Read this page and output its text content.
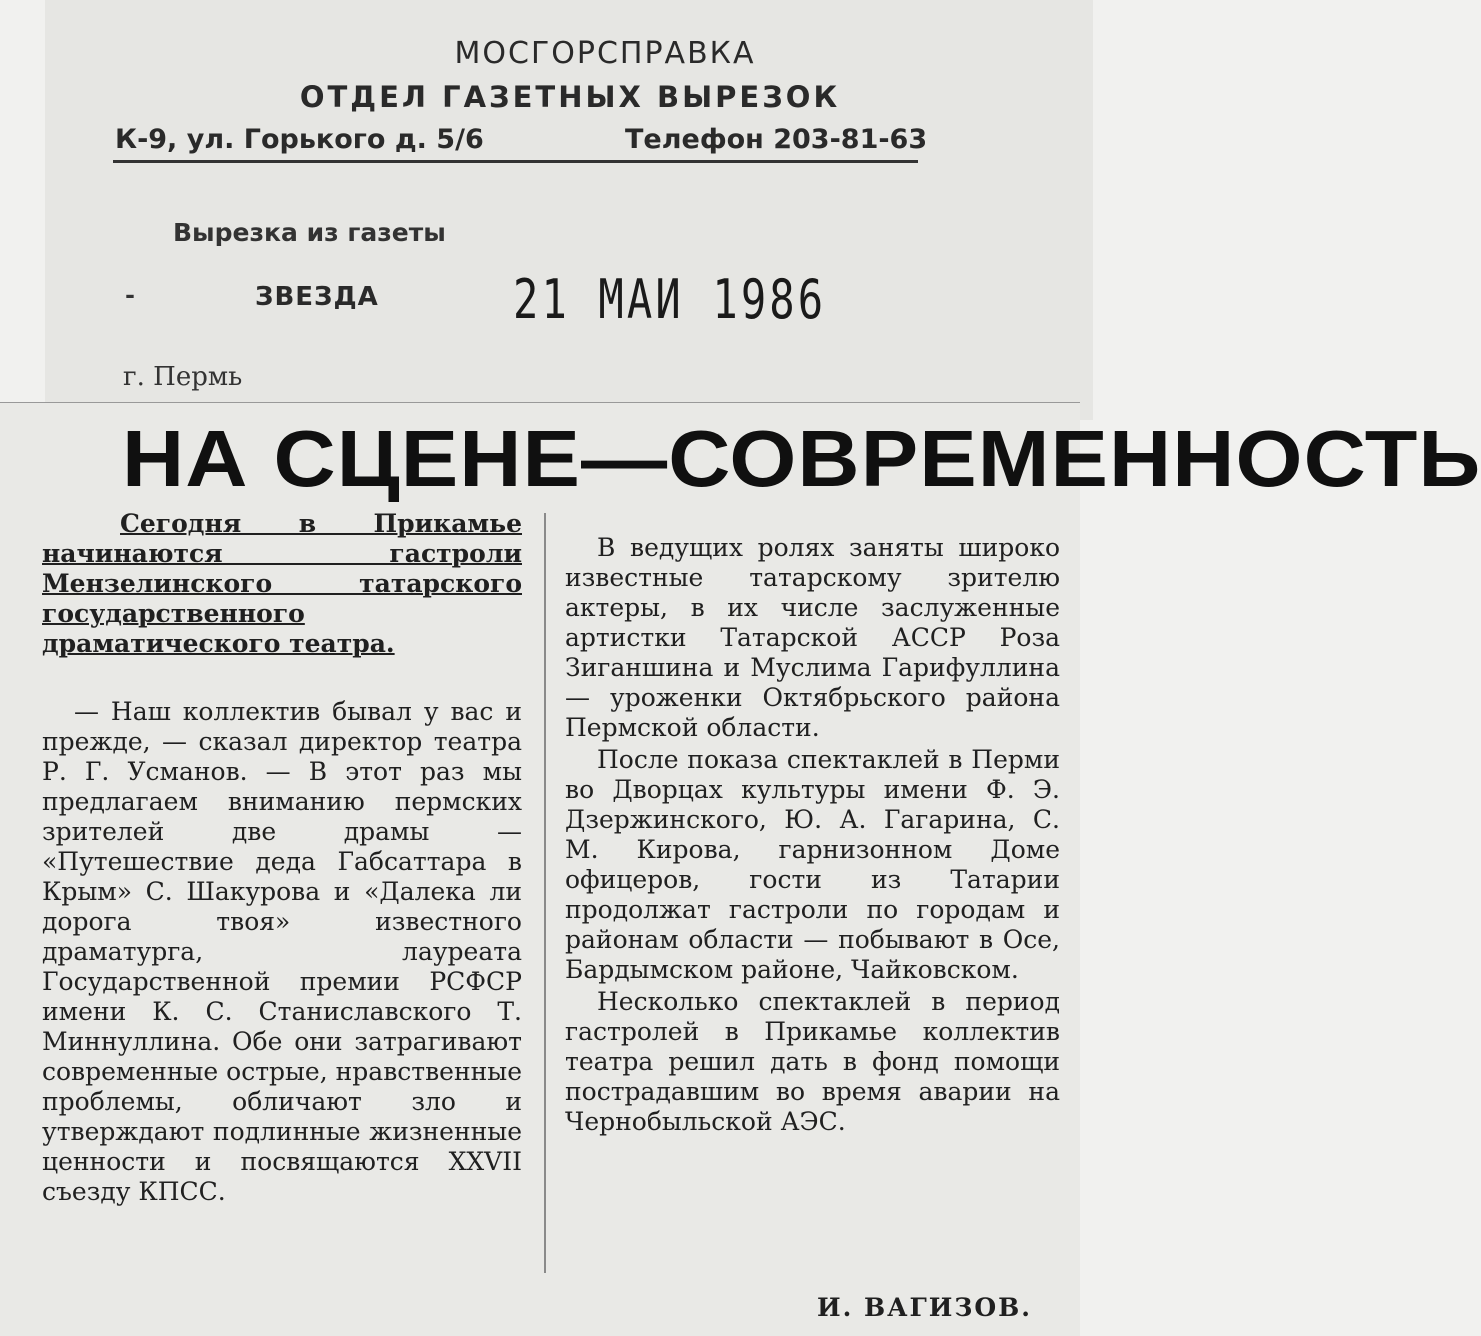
МОСГОРСПРАВКА
ОТДЕЛ ГАЗЕТНЫХ ВЫРЕЗОК
К-9, ул. Горького д. 5/6	Телефон 203-81-63
Вырезка из газеты
-	ЗВЕЗДА 21 МАИ 1986
г. Пермь
НА СЦЕНЕ—СОВРЕМЕННОСТЬ

Сегодня в Прикамье начинаются гастроли Мензелинского татарского государственного драматического театра.

— Наш коллектив бывал у вас и прежде, — сказал директор театра Р. Г. Усманов. — В этот раз мы предлагаем вниманию пермских зрителей две драмы — «Путешествие деда Габсаттара в Крым» С. Шакурова и «Далека ли дорога твоя» известного драматурга, лауреата Государственной премии РСФСР имени К. С. Станиславского Т. Миннуллина. Обе они затрагивают современные острые, нравственные проблемы, обличают зло и утверждают подлинные жизненные ценности и посвящаются XXVII съезду КПСС.

В ведущих ролях заняты широко известные татарскому зрителю актеры, в их числе заслуженные артистки Татарской АССР Роза Зиганшина и Муслима Гарифуллина — уроженки Октябрьского района Пермской области.

После показа спектаклей в Перми во Дворцах культуры имени Ф. Э. Дзержинского, Ю. А. Гагарина, С. М. Кирова, гарнизонном Доме офицеров, гости из Татарии продолжат гастроли по городам и районам области — побывают в Осе, Бардымском районе, Чайковском.

Несколько спектаклей в период гастролей в Прикамье коллектив театра решил дать в фонд помощи пострадавшим во время аварии на Чернобыльской АЭС.

И. ВАГИЗОВ.
